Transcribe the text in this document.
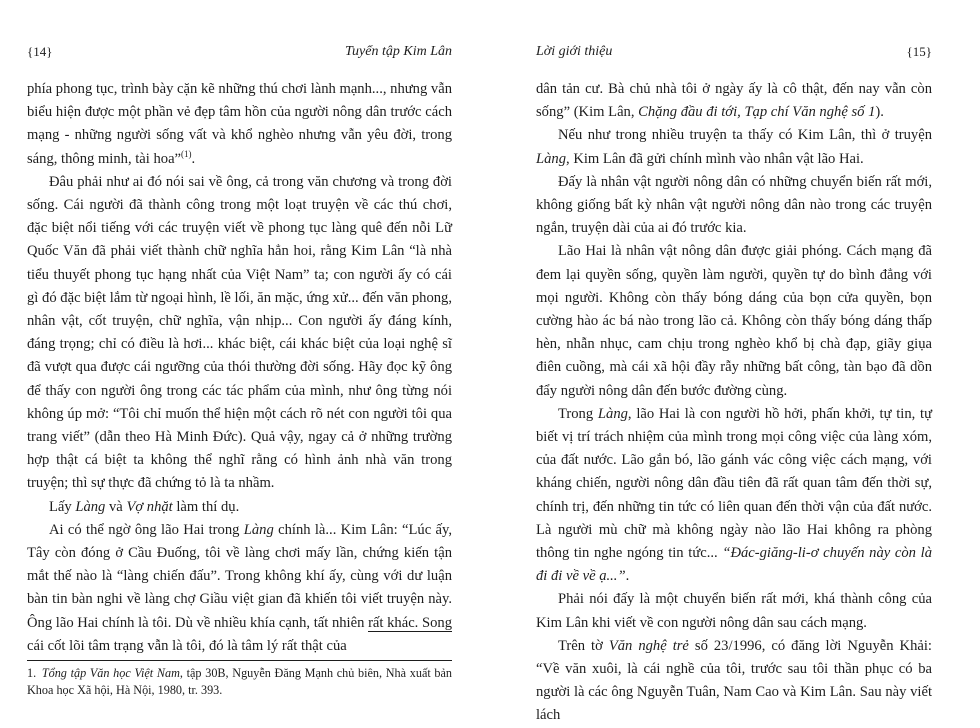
{14}	Tuyển tập Kim Lân

phía phong tục, trình bày cặn kẽ những thú chơi lành mạnh..., nhưng vẫn biểu hiện được một phần vẻ đẹp tâm hồn của người nông dân trước cách mạng - những người sống vất và khổ nghèo nhưng vẫn yêu đời, trong sáng, thông minh, tài hoa”$^{(1)}$.

Đâu phải như ai đó nói sai về ông, cả trong văn chương và trong đời sống. Cái người đã thành công trong một loạt truyện về các thú chơi, đặc biệt nổi tiếng với các truyện viết về phong tục làng quê đến nỗi Lữ Quốc Văn đã phải viết thành chữ nghĩa hẳn hoi, rằng Kim Lân “là nhà tiểu thuyết phong tục hạng nhất của Việt Nam” ta; con người ấy có cái gì đó đặc biệt lắm từ ngoại hình, lề lối, ăn mặc, ứng xử... đến văn phong, nhân vật, cốt truyện, chữ nghĩa, vận nhịp... Con người ấy đáng kính, đáng trọng; chỉ có điều là hơi... khác biệt, cái khác biệt của loại nghệ sĩ đã vượt qua được cái ngưỡng của thói thường đời sống. Hãy đọc kỹ ông để thấy con người ông trong các tác phẩm của mình, như ông từng nói không úp mở: “Tôi chỉ muốn thể hiện một cách rõ nét con người tôi qua trang viết” (dẫn theo Hà Minh Đức). Quả vậy, ngay cả ở những trường hợp thật cá biệt ta không thể nghĩ rằng có hình ảnh nhà văn trong truyện; thì sự thực đã chứng tỏ là ta nhầm.

Lấy Làng và Vợ nhặt làm thí dụ.

Ai có thể ngờ ông lão Hai trong Làng chính là... Kim Lân: “Lúc ấy, Tây còn đóng ở Cầu Đuống, tôi về làng chơi mấy lần, chứng kiến tận mắt thế nào là “làng chiến đấu”. Trong không khí ấy, cùng với dư luận bàn tin bàn nghi về làng chợ Giầu việt gian đã khiến tôi viết truyện này. Ông lão Hai chính là tôi. Dù về nhiều khía cạnh, tất nhiên rất khác. Song cái cốt lõi tâm trạng vẫn là tôi, đó là tâm lý rất thật của

1. Tổng tập Văn học Việt Nam, tập 30B, Nguyễn Đăng Mạnh chủ biên, Nhà xuất bản Khoa học Xã hội, Hà Nội, 1980, tr. 393.
Lời giới thiệu	{15}

dân tản cư. Bà chủ nhà tôi ở ngày ấy là cô thật, đến nay vẫn còn sống” (Kim Lân, Chặng đầu đi tới, Tạp chí Văn nghệ số 1).

Nếu như trong nhiều truyện ta thấy có Kim Lân, thì ở truyện Làng, Kim Lân đã gửi chính mình vào nhân vật lão Hai.

Đấy là nhân vật người nông dân có những chuyển biến rất mới, không giống bất kỳ nhân vật người nông dân nào trong các truyện ngắn, truyện dài của ai đó trước kia.

Lão Hai là nhân vật nông dân được giải phóng. Cách mạng đã đem lại quyền sống, quyền làm người, quyền tự do bình đẳng với mọi người. Không còn thấy bóng dáng của bọn cửa quyền, bọn cường hào ác bá nào trong lão cả. Không còn thấy bóng dáng thấp hèn, nhẫn nhục, cam chịu trong nghèo khổ bị chà đạp, giãy giụa điên cuồng, mà cái xã hội đầy rẫy những bất công, tàn bạo đã dồn đẩy người nông dân đến bước đường cùng.

Trong Làng, lão Hai là con người hồ hởi, phấn khởi, tự tin, tự biết vị trí trách nhiệm của mình trong mọi công việc của làng xóm, của đất nước. Lão gắn bó, lão gánh vác công việc cách mạng, với kháng chiến, người nông dân đầu tiên đã rất quan tâm đến thời sự, chính trị, đến những tin tức có liên quan đến thời vận của đất nước. Là người mù chữ mà không ngày nào lão Hai không ra phòng thông tin nghe ngóng tin tức... “Đác-giăng-li-ơ chuyến này còn là đi đi về về ạ...”.

Phải nói đấy là một chuyển biến rất mới, khá thành công của Kim Lân khi viết về con người nông dân sau cách mạng.

Trên tờ Văn nghệ trẻ số 23/1996, có đăng lời Nguyễn Khải: “Về văn xuôi, là cái nghề của tôi, trước sau tôi thần phục có ba người là các ông Nguyễn Tuân, Nam Cao và Kim Lân. Sau này viết lách
